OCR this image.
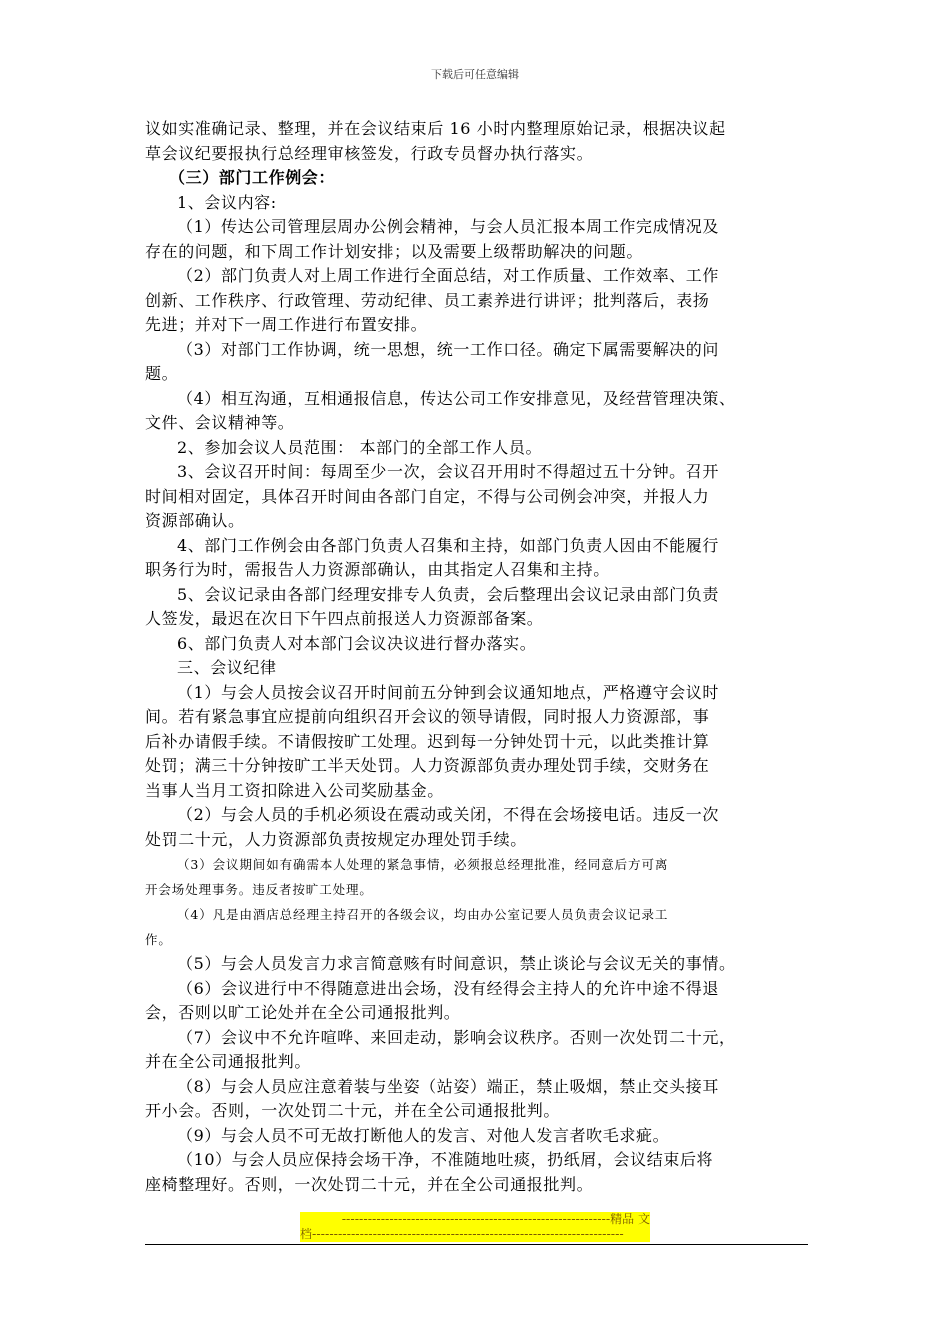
下载后可任意编辑
议如实准确记录、整理，并在会议结束后 16 小时内整理原始记录，根据决议起
草会议纪要报执行总经理审核签发，行政专员督办执行落实。
（三）部门工作例会：
1、会议内容:
（1）传达公司管理层周办公例会精神，与会人员汇报本周工作完成情况及
存在的问题，和下周工作计划安排；以及需要上级帮助解决的问题。
（2）部门负责人对上周工作进行全面总结，对工作质量、工作效率、工作
创新、工作秩序、行政管理、劳动纪律、员工素养进行讲评；批判落后，表扬
先进；并对下一周工作进行布置安排。
（3）对部门工作协调，统一思想，统一工作口径。确定下属需要解决的问
题。
（4）相互沟通，互相通报信息，传达公司工作安排意见，及经营管理决策、
文件、会议精神等。
2、参加会议人员范围： 本部门的全部工作人员。
3、会议召开时间：每周至少一次，会议召开用时不得超过五十分钟。召开
时间相对固定，具体召开时间由各部门自定，不得与公司例会冲突，并报人力
资源部确认。
4、部门工作例会由各部门负责人召集和主持，如部门负责人因由不能履行
职务行为时，需报告人力资源部确认，由其指定人召集和主持。
5、会议记录由各部门经理安排专人负责，会后整理出会议记录由部门负责
人签发，最迟在次日下午四点前报送人力资源部备案。
6、部门负责人对本部门会议决议进行督办落实。
三、会议纪律
（1）与会人员按会议召开时间前五分钟到会议通知地点，严格遵守会议时
间。若有紧急事宜应提前向组织召开会议的领导请假，同时报人力资源部，事
后补办请假手续。不请假按旷工处理。迟到每一分钟处罚十元，以此类推计算
处罚；满三十分钟按旷工半天处罚。人力资源部负责办理处罚手续，交财务在
当事人当月工资扣除进入公司奖励基金。
（2）与会人员的手机必须设在震动或关闭，不得在会场接电话。违反一次
处罚二十元，人力资源部负责按规定办理处罚手续。
（3）会议期间如有确需本人处理的紧急事情，必须报总经理批准，经同意后方可离
开会场处理事务。违反者按旷工处理。
（4）凡是由酒店总经理主持召开的各级会议，均由办公室记要人员负责会议记录工
作。
（5）与会人员发言力求言简意赅有时间意识，禁止谈论与会议无关的事情。
（6）会议进行中不得随意进出会场，没有经得会主持人的允许中途不得退
会，否则以旷工论处并在全公司通报批判。
（7）会议中不允许喧哗、来回走动，影响会议秩序。否则一次处罚二十元，
并在全公司通报批判。
（8）与会人员应注意着装与坐姿（站姿）端正，禁止吸烟，禁止交头接耳
开小会。否则，一次处罚二十元，并在全公司通报批判。
（9）与会人员不可无故打断他人的发言、对他人发言者吹毛求疵。
（10）与会人员应保持会场干净，不准随地吐痰，扔纸屑，会议结束后将
座椅整理好。否则，一次处罚二十元，并在全公司通报批判。
--------------------------------------------------------------精品 文
档------------------------------------------------------------------------
